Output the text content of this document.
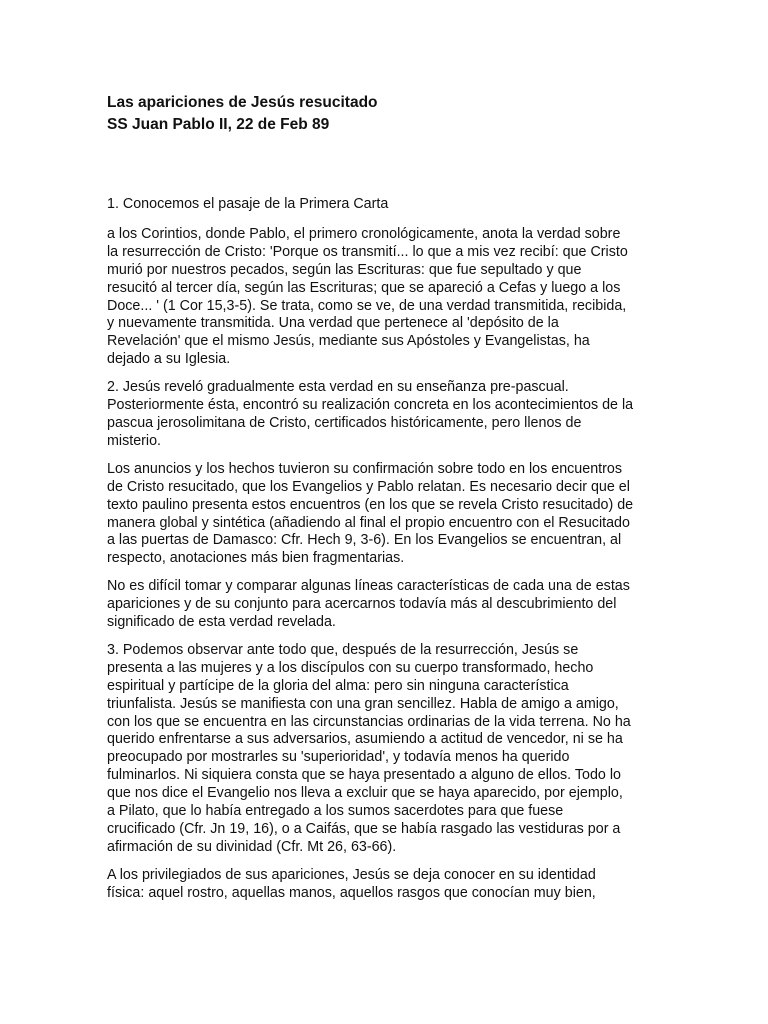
Las apariciones de Jesús resucitado

SS Juan Pablo II, 22 de Feb 89

1. Conocemos el pasaje de la Primera Carta

a los Corintios, donde Pablo, el primero cronológicamente, anota la verdad sobre
la resurrección de Cristo: 'Porque os transmití... lo que a mis vez recibí: que Cristo
murió por nuestros pecados, según las Escrituras: que fue sepultado y que
resucitó al tercer día, según las Escrituras; que se apareció a Cefas y luego a los
Doce... ' (1 Cor 15,3-5). Se trata, como se ve, de una verdad transmitida, recibida,
y nuevamente transmitida. Una verdad que pertenece al 'depósito de la
Revelación' que el mismo Jesús, mediante sus Apóstoles y Evangelistas, ha
dejado a su Iglesia.

2. Jesús reveló gradualmente esta verdad en su enseñanza pre-pascual.
Posteriormente ésta, encontró su realización concreta en los acontecimientos de la
pascua jerosolimitana de Cristo, certificados históricamente, pero llenos de
misterio.

Los anuncios y los hechos tuvieron su confirmación sobre todo en los encuentros
de Cristo resucitado, que los Evangelios y Pablo relatan. Es necesario decir que el
texto paulino presenta estos encuentros (en los que se revela Cristo resucitado) de
manera global y sintética (añadiendo al final el propio encuentro con el Resucitado
a las puertas de Damasco: Cfr. Hech 9, 3-6). En los Evangelios se encuentran, al
respecto, anotaciones más bien fragmentarias.

No es difícil tomar y comparar algunas líneas características de cada una de estas
apariciones y de su conjunto para acercarnos todavía más al descubrimiento del
significado de esta verdad revelada.

3. Podemos observar ante todo que, después de la resurrección, Jesús se
presenta a las mujeres y a los discípulos con su cuerpo transformado, hecho
espiritual y partícipe de la gloria del alma: pero sin ninguna característica
triunfalista. Jesús se manifiesta con una gran sencillez. Habla de amigo a amigo,
con los que se encuentra en las circunstancias ordinarias de la vida terrena. No ha
querido enfrentarse a sus adversarios, asumiendo a actitud de vencedor, ni se ha
preocupado por mostrarles su 'superioridad', y todavía menos ha querido
fulminarlos. Ni siquiera consta que se haya presentado a alguno de ellos. Todo lo
que nos dice el Evangelio nos lleva a excluir que se haya aparecido, por ejemplo,
a Pilato, que lo había entregado a los sumos sacerdotes para que fuese
crucificado (Cfr. Jn 19, 16), o a Caifás, que se había rasgado las vestiduras por a
afirmación de su divinidad (Cfr. Mt 26, 63-66).

A los privilegiados de sus apariciones, Jesús se deja conocer en su identidad
física: aquel rostro, aquellas manos, aquellos rasgos que conocían muy bien,
